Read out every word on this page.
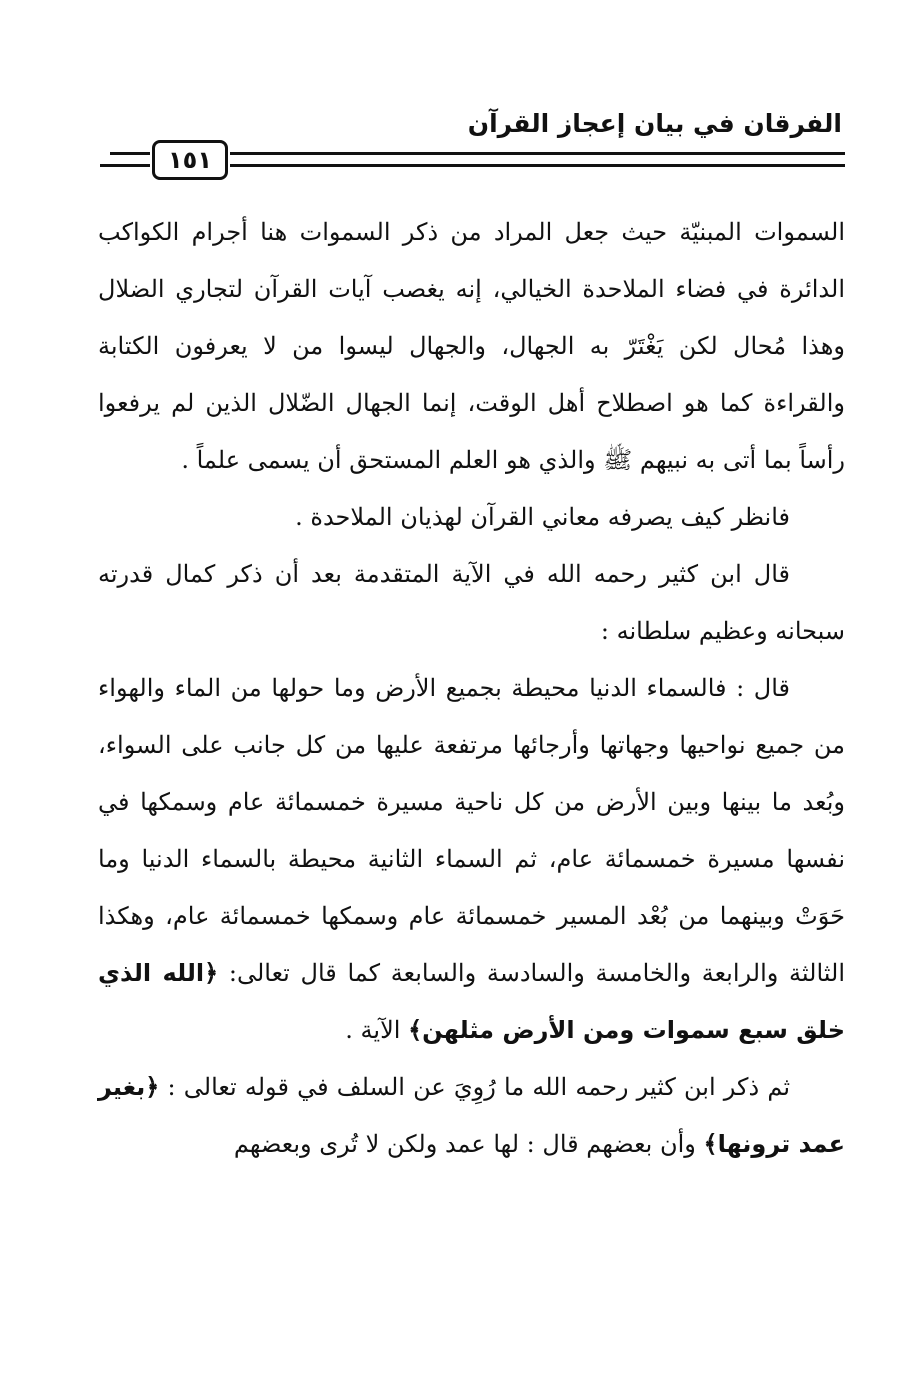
الفرقان في بيان إعجاز القرآن
١٥١

السموات المبنيّة حيث جعل المراد من ذكر السموات هنا أجرام الكواكب الدائرة في فضاء الملاحدة الخيالي، إنه يغصب آيات القرآن لتجاري الضلال وهذا مُحال لكن يَغْتَرّ به الجهال، والجهال ليسوا من لا يعرفون الكتابة والقراءة كما هو اصطلاح أهل الوقت، إنما الجهال الضّلال الذين لم يرفعوا رأساً بما أتى به نبيهم ﷺ والذي هو العلم المستحق أن يسمى علماً .

فانظر كيف يصرفه معاني القرآن لهذيان الملاحدة .

قال ابن كثير رحمه الله في الآية المتقدمة بعد أن ذكر كمال قدرته سبحانه وعظيم سلطانه :

قال : فالسماء الدنيا محيطة بجميع الأرض وما حولها من الماء والهواء من جميع نواحيها وجهاتها وأرجائها مرتفعة عليها من كل جانب على السواء، وبُعد ما بينها وبين الأرض من كل ناحية مسيرة خمسمائة عام وسمكها في نفسها مسيرة خمسمائة عام، ثم السماء الثانية محيطة بالسماء الدنيا وما حَوَتْ وبينهما من بُعْد المسير خمسمائة عام وسمكها خمسمائة عام، وهكذا الثالثة والرابعة والخامسة والسادسة والسابعة كما قال تعالى: ﴿الله الذي خلق سبع سموات ومن الأرض مثلهن﴾ الآية .

ثم ذكر ابن كثير رحمه الله ما رُوِيَ عن السلف في قوله تعالى : ﴿بغير عمد ترونها﴾ وأن بعضهم قال : لها عمد ولكن لا تُرى وبعضهم
